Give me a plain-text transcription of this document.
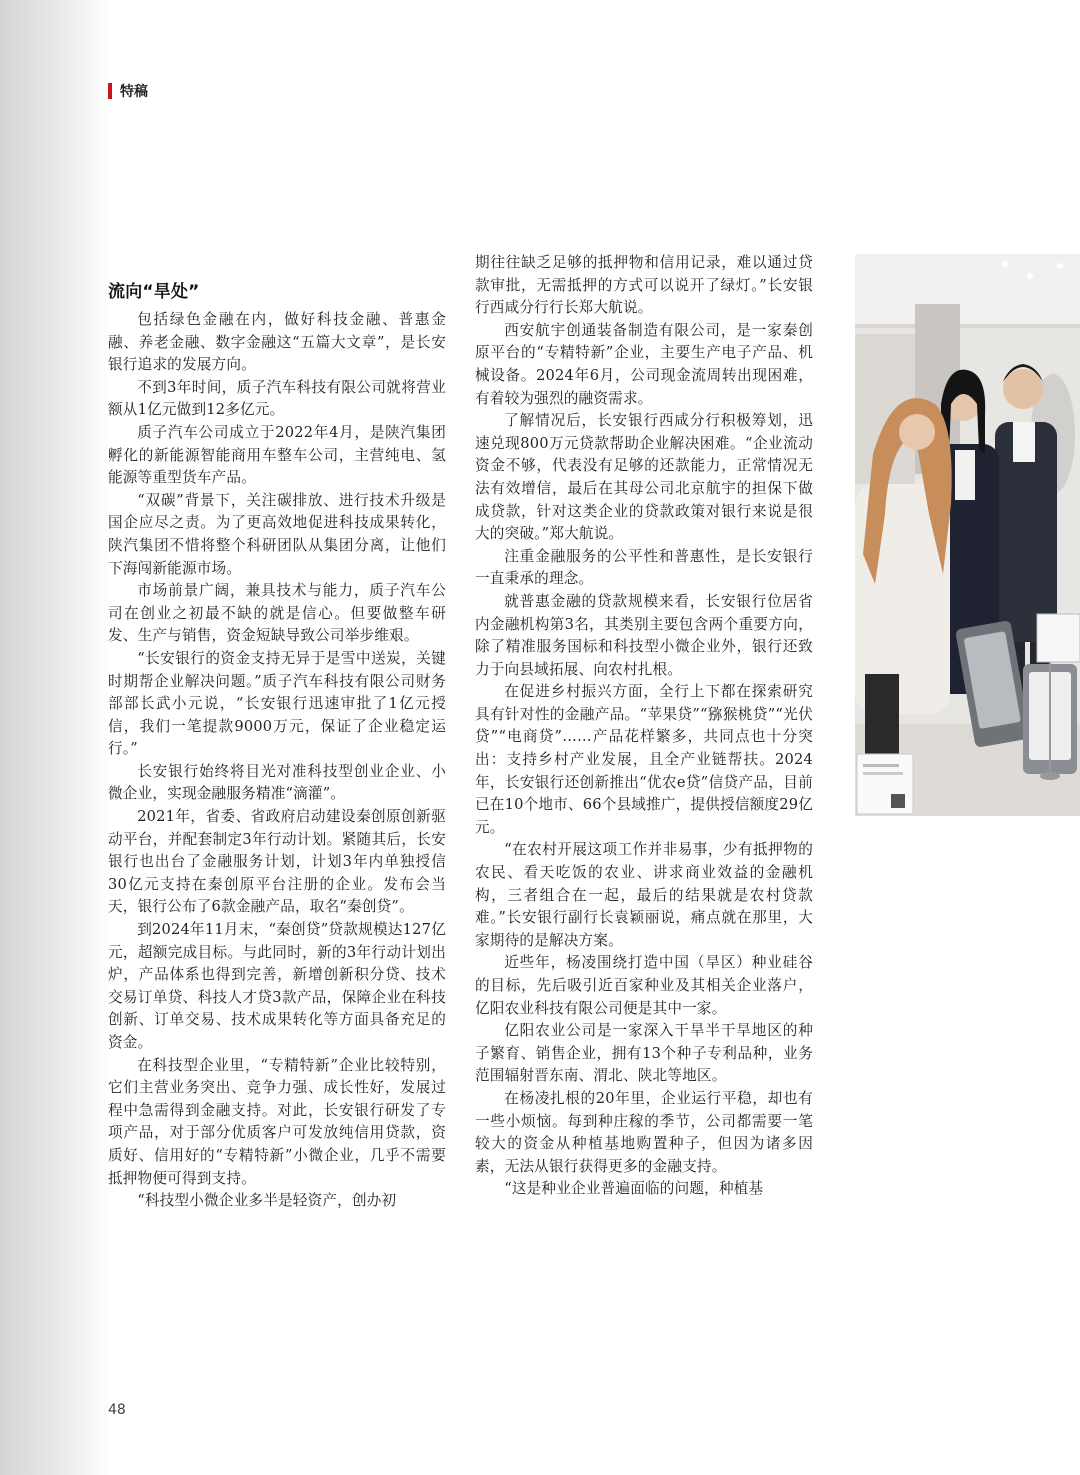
特稿
流向“旱处”

包括绿色金融在内，做好科技金融、普惠金融、养老金融、数字金融这“五篇大文章”，是长安银行追求的发展方向。

不到3年时间，质子汽车科技有限公司就将营业额从1亿元做到12多亿元。

质子汽车公司成立于2022年4月，是陕汽集团孵化的新能源智能商用车整车公司，主营纯电、氢能源等重型货车产品。

“双碳”背景下，关注碳排放、进行技术升级是国企应尽之责。为了更高效地促进科技成果转化，陕汽集团不惜将整个科研团队从集团分离，让他们下海闯新能源市场。

市场前景广阔，兼具技术与能力，质子汽车公司在创业之初最不缺的就是信心。但要做整车研发、生产与销售，资金短缺导致公司举步维艰。

“长安银行的资金支持无异于是雪中送炭，关键时期帮企业解决问题。”质子汽车科技有限公司财务部部长武小元说，“长安银行迅速审批了1亿元授信，我们一笔提款9000万元，保证了企业稳定运行。”

长安银行始终将目光对准科技型创业企业、小微企业，实现金融服务精准“滴灌”。

2021年，省委、省政府启动建设秦创原创新驱动平台，并配套制定3年行动计划。紧随其后，长安银行也出台了金融服务计划，计划3年内单独授信30亿元支持在秦创原平台注册的企业。发布会当天，银行公布了6款金融产品，取名“秦创贷”。

到2024年11月末，“秦创贷”贷款规模达127亿元，超额完成目标。与此同时，新的3年行动计划出炉，产品体系也得到完善，新增创新积分贷、技术交易订单贷、科技人才贷3款产品，保障企业在科技创新、订单交易、技术成果转化等方面具备充足的资金。

在科技型企业里，“专精特新”企业比较特别，它们主营业务突出、竞争力强、成长性好，发展过程中急需得到金融支持。对此，长安银行研发了专项产品，对于部分优质客户可发放纯信用贷款，资质好、信用好的“专精特新”小微企业，几乎不需要抵押物便可得到支持。

“科技型小微企业多半是轻资产，创办初

期往往缺乏足够的抵押物和信用记录，难以通过贷款审批，无需抵押的方式可以说开了绿灯。”长安银行西咸分行行长郑大航说。

西安航宇创通装备制造有限公司，是一家秦创原平台的“专精特新”企业，主要生产电子产品、机械设备。2024年6月，公司现金流周转出现困难，有着较为强烈的融资需求。

了解情况后，长安银行西咸分行积极筹划，迅速兑现800万元贷款帮助企业解决困难。“企业流动资金不够，代表没有足够的还款能力，正常情况无法有效增信，最后在其母公司北京航宇的担保下做成贷款，针对这类企业的贷款政策对银行来说是很大的突破。”郑大航说。

注重金融服务的公平性和普惠性，是长安银行一直秉承的理念。

就普惠金融的贷款规模来看，长安银行位居省内金融机构第3名，其类别主要包含两个重要方向，除了精准服务国标和科技型小微企业外，银行还致力于向县域拓展、向农村扎根。

在促进乡村振兴方面，全行上下都在探索研究具有针对性的金融产品。“苹果贷”“猕猴桃贷”“光伏贷”“电商贷”……产品花样繁多，共同点也十分突出：支持乡村产业发展，且全产业链帮扶。2024年，长安银行还创新推出“优农e贷”信贷产品，目前已在10个地市、66个县域推广，提供授信额度29亿元。

“在农村开展这项工作并非易事，少有抵押物的农民、看天吃饭的农业、讲求商业效益的金融机构，三者组合在一起，最后的结果就是农村贷款难。”长安银行副行长袁颖丽说，痛点就在那里，大家期待的是解决方案。

近些年，杨凌围绕打造中国（旱区）种业硅谷的目标，先后吸引近百家种业及其相关企业落户，亿阳农业科技有限公司便是其中一家。

亿阳农业公司是一家深入干旱半干旱地区的种子繁育、销售企业，拥有13个种子专利品种，业务范围辐射晋东南、渭北、陕北等地区。

在杨凌扎根的20年里，企业运行平稳，却也有一些小烦恼。每到种庄稼的季节，公司都需要一笔较大的资金从种植基地购置种子，但因为诸多因素，无法从银行获得更多的金融支持。

“这是种业企业普遍面临的问题，种植基

48
